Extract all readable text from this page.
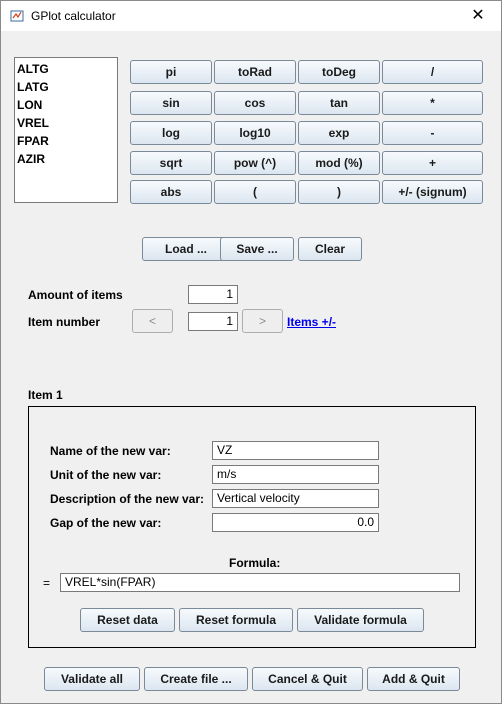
GPlot calculator	✕
ALTG
LATG
LON
VREL
FPAR
AZIR
pi	toRad	toDeg	/
sin	cos	tan	*
log	log10	exp	-
sqrt	pow (^)	mod (%)	+
abs	(	)	+/- (signum)
Load ...	Save ...	Clear
Amount of items	1
Item number	<	1	>	Items +/-
Item 1
Name of the new var:	VZ
Unit of the new var:	m/s
Description of the new var:	Vertical velocity
Gap of the new var:	0.0
Formula:
=	VREL*sin(FPAR)
Reset data	Reset formula	Validate formula
Validate all	Create file ...	Cancel & Quit	Add & Quit
